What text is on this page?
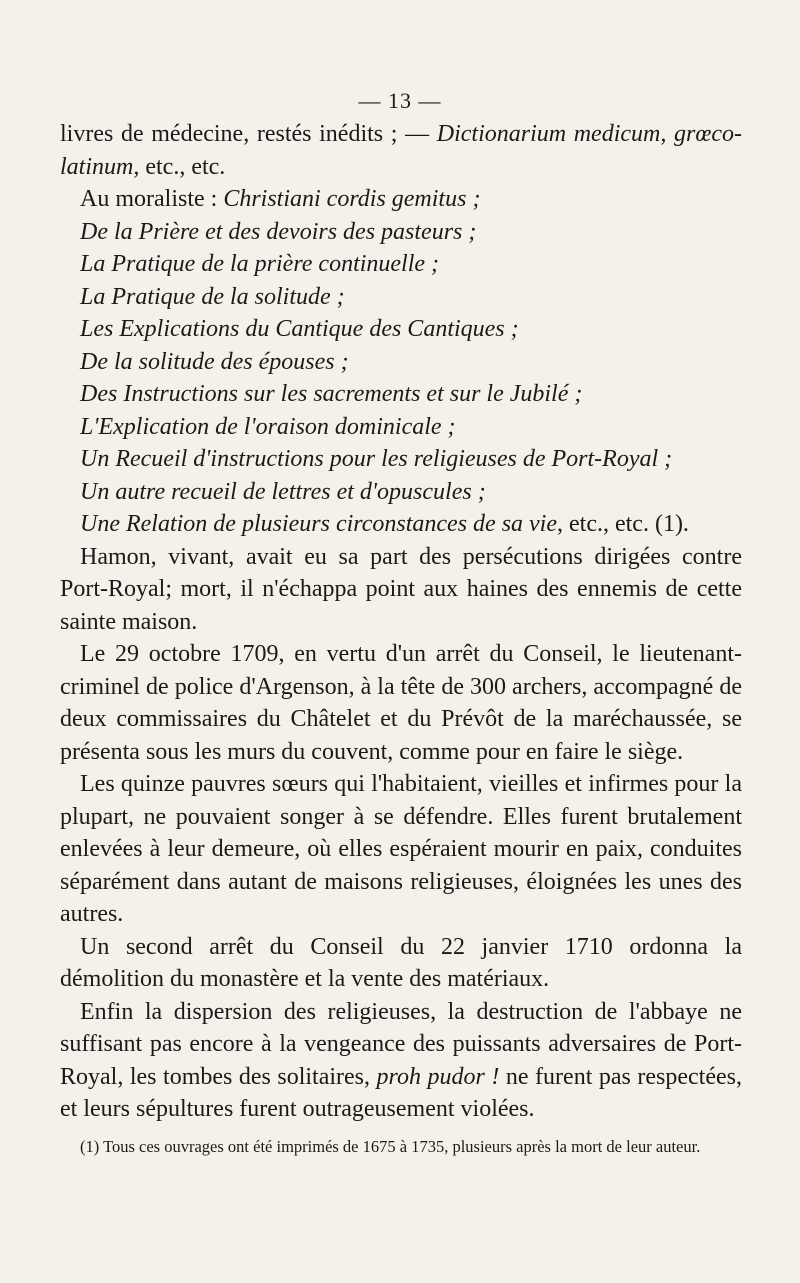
— 13 —

livres de médecine, restés inédits ; — Dictionarium medicum, grœco-latinum, etc., etc.

Au moraliste : Christiani cordis gemitus ;

De la Prière et des devoirs des pasteurs ;

La Pratique de la prière continuelle ;

La Pratique de la solitude ;

Les Explications du Cantique des Cantiques ;

De la solitude des épouses ;

Des Instructions sur les sacrements et sur le Jubilé ;

L'Explication de l'oraison dominicale ;

Un Recueil d'instructions pour les religieuses de Port-Royal ;

Un autre recueil de lettres et d'opuscules ;

Une Relation de plusieurs circonstances de sa vie, etc., etc. (1).

Hamon, vivant, avait eu sa part des persécutions dirigées contre Port-Royal; mort, il n'échappa point aux haines des ennemis de cette sainte maison.

Le 29 octobre 1709, en vertu d'un arrêt du Conseil, le lieutenant-criminel de police d'Argenson, à la tête de 300 archers, accompagné de deux commissaires du Châtelet et du Prévôt de la maréchaussée, se présenta sous les murs du couvent, comme pour en faire le siège.

Les quinze pauvres sœurs qui l'habitaient, vieilles et infirmes pour la plupart, ne pouvaient songer à se défendre. Elles furent brutalement enlevées à leur demeure, où elles espéraient mourir en paix, conduites séparément dans autant de maisons religieuses, éloignées les unes des autres.

Un second arrêt du Conseil du 22 janvier 1710 ordonna la démolition du monastère et la vente des matériaux.

Enfin la dispersion des religieuses, la destruction de l'abbaye ne suffisant pas encore à la vengeance des puissants adversaires de Port-Royal, les tombes des solitaires, proh pudor ! ne furent pas respectées, et leurs sépultures furent outrageusement violées.

(1) Tous ces ouvrages ont été imprimés de 1675 à 1735, plusieurs après la mort de leur auteur.
